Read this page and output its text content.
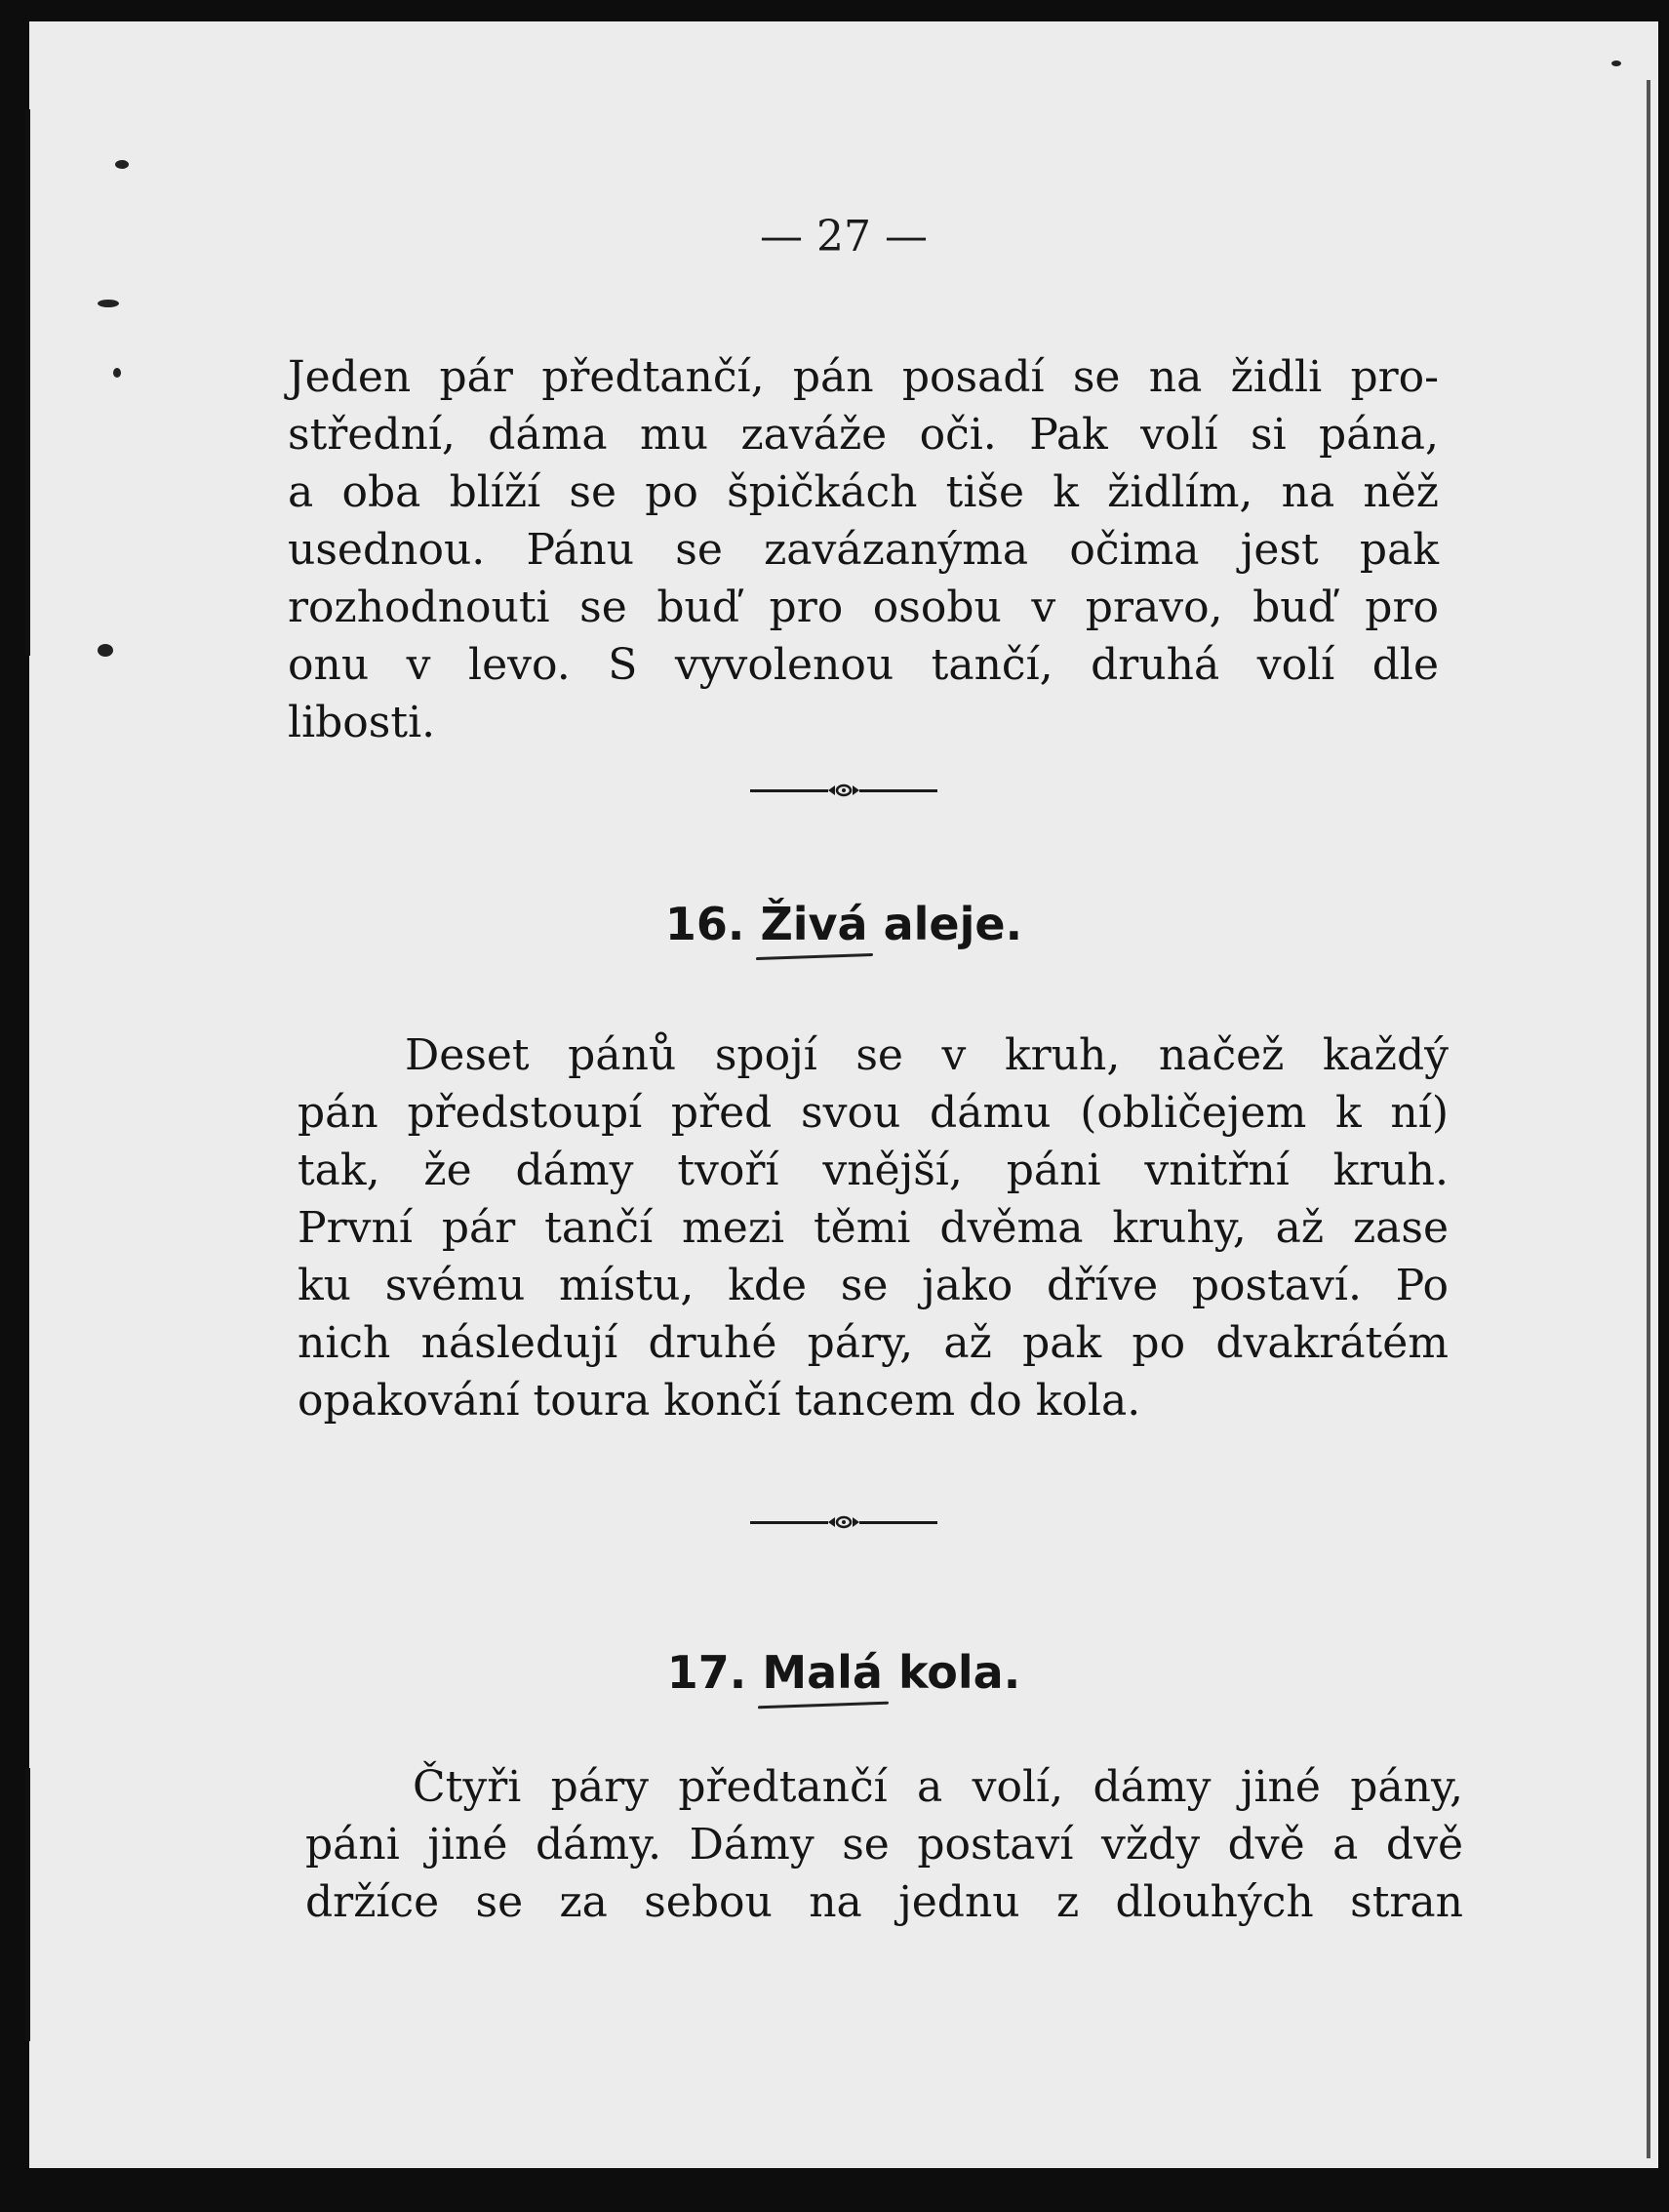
— 27 —
Jeden pár předtančí, pán posadí se na židli pro-
střední, dáma mu zaváže oči. Pak volí si pána,
a oba blíží se po špičkách tiše k židlím, na něž
usednou. Pánu se zavázanýma očima jest pak
rozhodnouti se buď pro osobu v pravo, buď pro
onu v levo. S vyvolenou tančí, druhá volí dle
libosti.
16. Živá aleje.
Deset pánů spojí se v kruh, načež každý
pán předstoupí před svou dámu (obličejem k ní)
tak, že dámy tvoří vnější, páni vnitřní kruh.
První pár tančí mezi těmi dvěma kruhy, až zase
ku svému místu, kde se jako dříve postaví. Po
nich následují druhé páry, až pak po dvakrátém
opakování toura končí tancem do kola.
17. Malá kola.
Čtyři páry předtančí a volí, dámy jiné pány,
páni jiné dámy. Dámy se postaví vždy dvě a dvě
držíce se za sebou na jednu z dlouhých stran
